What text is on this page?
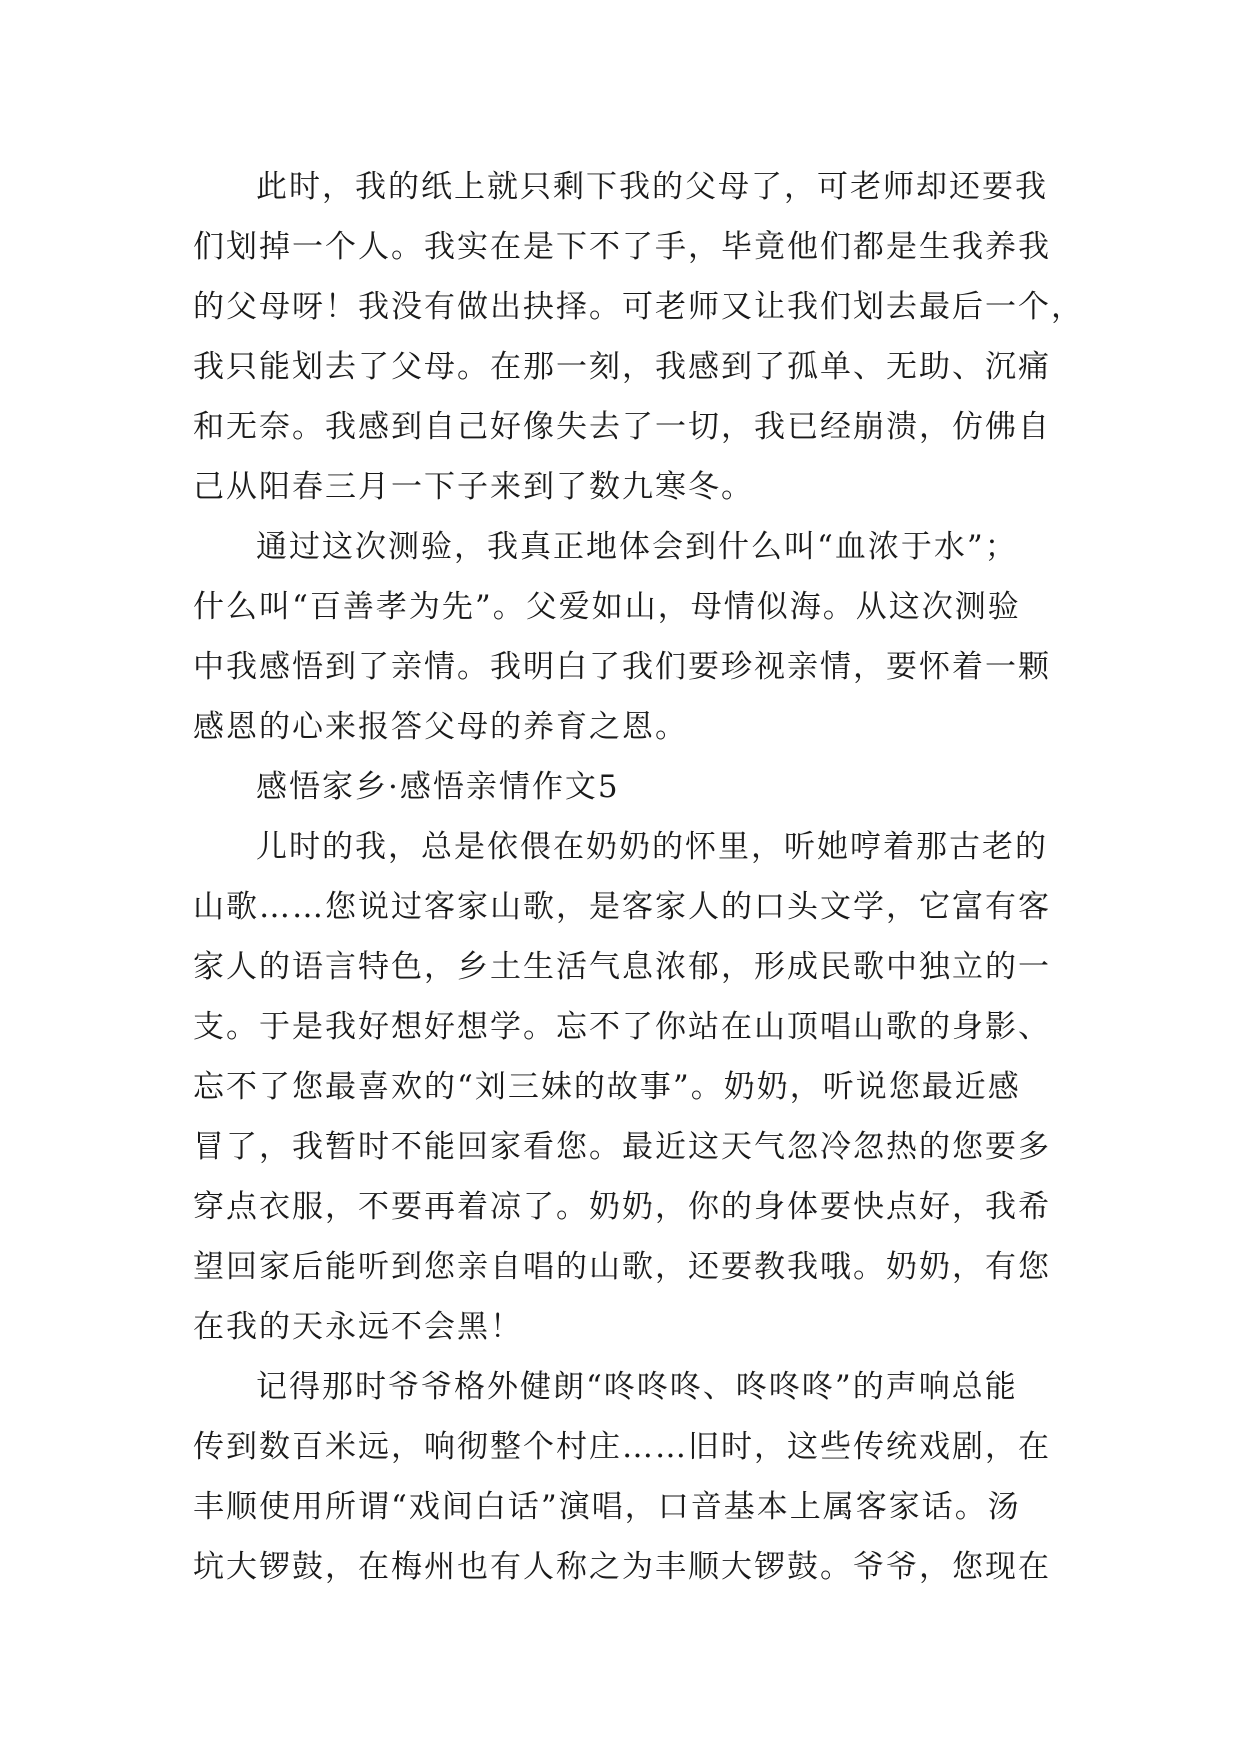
此时，我的纸上就只剩下我的父母了，可老师却还要我
们划掉一个人。我实在是下不了手，毕竟他们都是生我养我
的父母呀！我没有做出抉择。可老师又让我们划去最后一个，
我只能划去了父母。在那一刻，我感到了孤单、无助、沉痛
和无奈。我感到自己好像失去了一切，我已经崩溃，仿佛自
己从阳春三月一下子来到了数九寒冬。
通过这次测验，我真正地体会到什么叫“血浓于水”；
什么叫“百善孝为先”。父爱如山，母情似海。从这次测验
中我感悟到了亲情。我明白了我们要珍视亲情，要怀着一颗
感恩的心来报答父母的养育之恩。
感悟家乡·感悟亲情作文5
儿时的我，总是依偎在奶奶的怀里，听她哼着那古老的
山歌……您说过客家山歌，是客家人的口头文学，它富有客
家人的语言特色，乡土生活气息浓郁，形成民歌中独立的一
支。于是我好想好想学。忘不了你站在山顶唱山歌的身影、
忘不了您最喜欢的“刘三妹的故事”。奶奶，听说您最近感
冒了，我暂时不能回家看您。最近这天气忽冷忽热的您要多
穿点衣服，不要再着凉了。奶奶，你的身体要快点好，我希
望回家后能听到您亲自唱的山歌，还要教我哦。奶奶，有您
在我的天永远不会黑！
记得那时爷爷格外健朗“咚咚咚、咚咚咚”的声响总能
传到数百米远，响彻整个村庄……旧时，这些传统戏剧，在
丰顺使用所谓“戏间白话”演唱，口音基本上属客家话。汤
坑大锣鼓，在梅州也有人称之为丰顺大锣鼓。爷爷，您现在
